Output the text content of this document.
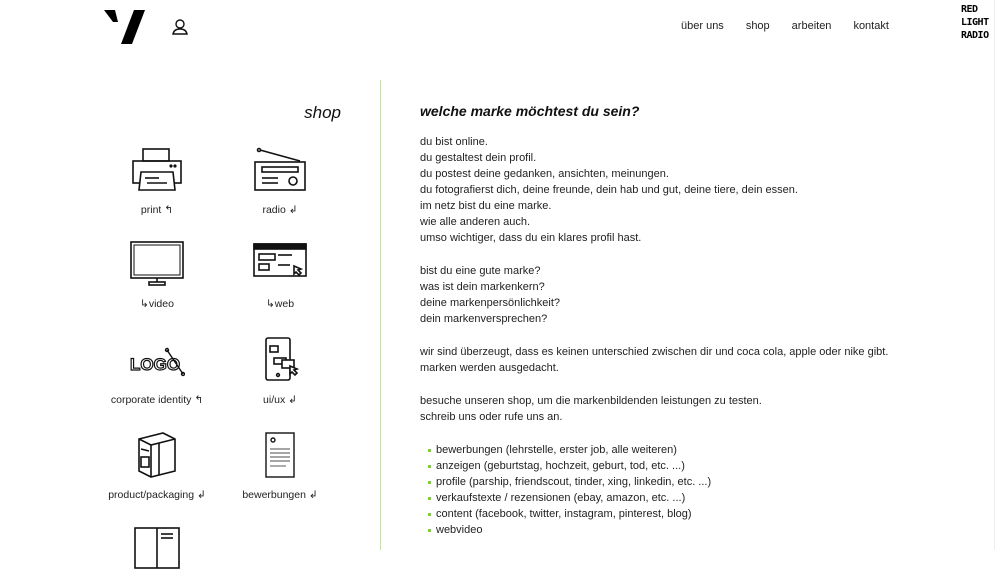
über uns shop arbeiten kontakt
RED LIGHT RADIO
shop
print ↰	radio ↲
↳video	↳web
LOGO
corporate identity ↰	ui/ux ↲
product/packaging ↲	bewerbungen ↲
welche marke möchtest du sein?

du bist online.
du gestaltest dein profil.
du postest deine gedanken, ansichten, meinungen.
du fotografierst dich, deine freunde, dein hab und gut, deine tiere, dein essen.
im netz bist du eine marke.
wie alle anderen auch.
umso wichtiger, dass du ein klares profil hast.

bist du eine gute marke?
was ist dein markenkern?
deine markenpersönlichkeit?
dein markenversprechen?

wir sind überzeugt, dass es keinen unterschied zwischen dir und coca cola, apple oder nike gibt.
marken werden ausgedacht.

besuche unseren shop, um die markenbildenden leistungen zu testen.
schreib uns oder rufe uns an.

bewerbungen (lehrstelle, erster job, alle weiteren)
anzeigen (geburtstag, hochzeit, geburt, tod, etc. ...)
profile (parship, friendscout, tinder, xing, linkedin, etc. ...)
verkaufstexte / rezensionen (ebay, amazon, etc. ...)
content (facebook, twitter, instagram, pinterest, blog)
webvideo
